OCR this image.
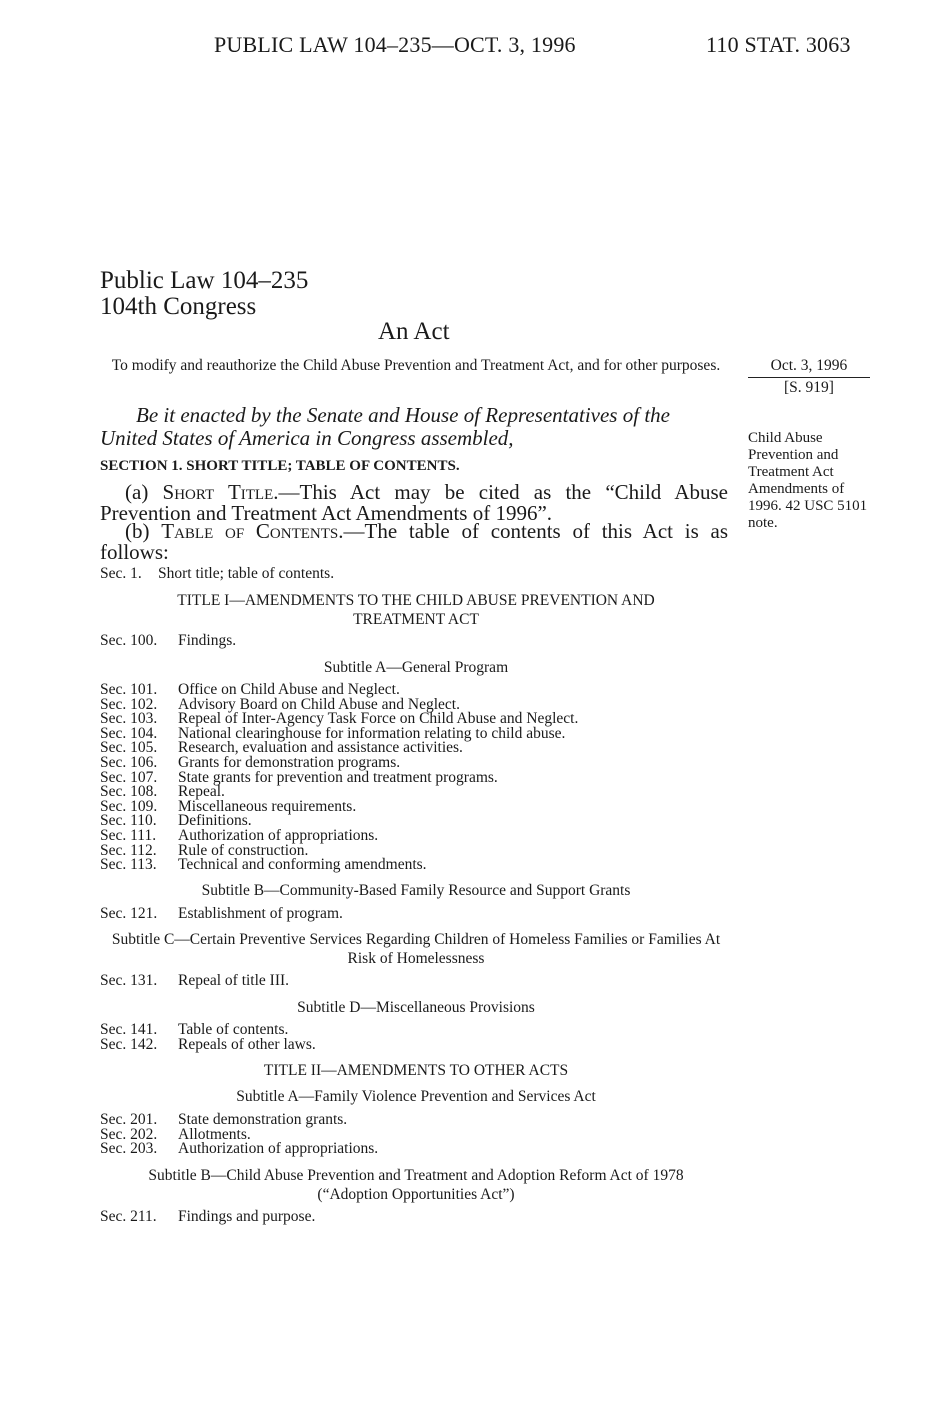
PUBLIC LAW 104–235—OCT. 3, 1996	110 STAT. 3063
Public Law 104–235
104th Congress
An Act
To modify and reauthorize the Child Abuse Prevention and Treatment Act, and for other purposes.	Oct. 3, 1996
[S. 919]
Be it enacted by the Senate and House of Representatives of the United States of America in Congress assembled,
SECTION 1. SHORT TITLE; TABLE OF CONTENTS.
(a) Short Title.—This Act may be cited as the “Child Abuse Prevention and Treatment Act Amendments of 1996”.
(b) Table of Contents.—The table of contents of this Act is as follows:
Child Abuse Prevention and Treatment Act Amendments of 1996. 42 USC 5101 note.
Sec. 1. Short title; table of contents.
TITLE I—AMENDMENTS TO THE CHILD ABUSE PREVENTION AND TREATMENT ACT
Sec. 100. Findings.
Subtitle A—General Program
Sec. 101. Office on Child Abuse and Neglect.
Sec. 102. Advisory Board on Child Abuse and Neglect.
Sec. 103. Repeal of Inter-Agency Task Force on Child Abuse and Neglect.
Sec. 104. National clearinghouse for information relating to child abuse.
Sec. 105. Research, evaluation and assistance activities.
Sec. 106. Grants for demonstration programs.
Sec. 107. State grants for prevention and treatment programs.
Sec. 108. Repeal.
Sec. 109. Miscellaneous requirements.
Sec. 110. Definitions.
Sec. 111. Authorization of appropriations.
Sec. 112. Rule of construction.
Sec. 113. Technical and conforming amendments.
Subtitle B—Community-Based Family Resource and Support Grants
Sec. 121. Establishment of program.
Subtitle C—Certain Preventive Services Regarding Children of Homeless Families or Families At Risk of Homelessness
Sec. 131. Repeal of title III.
Subtitle D—Miscellaneous Provisions
Sec. 141. Table of contents.
Sec. 142. Repeals of other laws.
TITLE II—AMENDMENTS TO OTHER ACTS
Subtitle A—Family Violence Prevention and Services Act
Sec. 201. State demonstration grants.
Sec. 202. Allotments.
Sec. 203. Authorization of appropriations.
Subtitle B—Child Abuse Prevention and Treatment and Adoption Reform Act of 1978 (“Adoption Opportunities Act”)
Sec. 211. Findings and purpose.
